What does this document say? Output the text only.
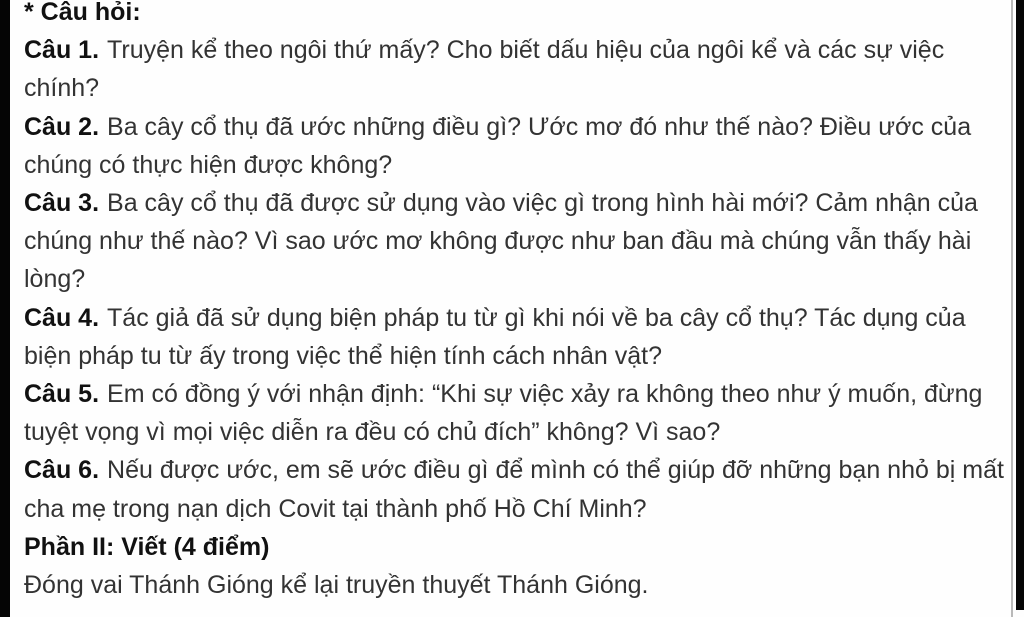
* Câu hỏi:

Câu 1. Truyện kể theo ngôi thứ mấy? Cho biết dấu hiệu của ngôi kể và các sự việc chính?

Câu 2. Ba cây cổ thụ đã ước những điều gì? Ước mơ đó như thế nào? Điều ước của chúng có thực hiện được không?

Câu 3. Ba cây cổ thụ đã được sử dụng vào việc gì trong hình hài mới? Cảm nhận của chúng như thế nào? Vì sao ước mơ không được như ban đầu mà chúng vẫn thấy hài lòng?

Câu 4. Tác giả đã sử dụng biện pháp tu từ gì khi nói về ba cây cổ thụ? Tác dụng của biện pháp tu từ ấy trong việc thể hiện tính cách nhân vật?

Câu 5. Em có đồng ý với nhận định: “Khi sự việc xảy ra không theo như ý muốn, đừng tuyệt vọng vì mọi việc diễn ra đều có chủ đích” không? Vì sao?

Câu 6. Nếu được ước, em sẽ ước điều gì để mình có thể giúp đỡ những bạn nhỏ bị mất cha mẹ trong nạn dịch Covit tại thành phố Hồ Chí Minh?

Phần II: Viết (4 điểm)

Đóng vai Thánh Gióng kể lại truyền thuyết Thánh Gióng.
